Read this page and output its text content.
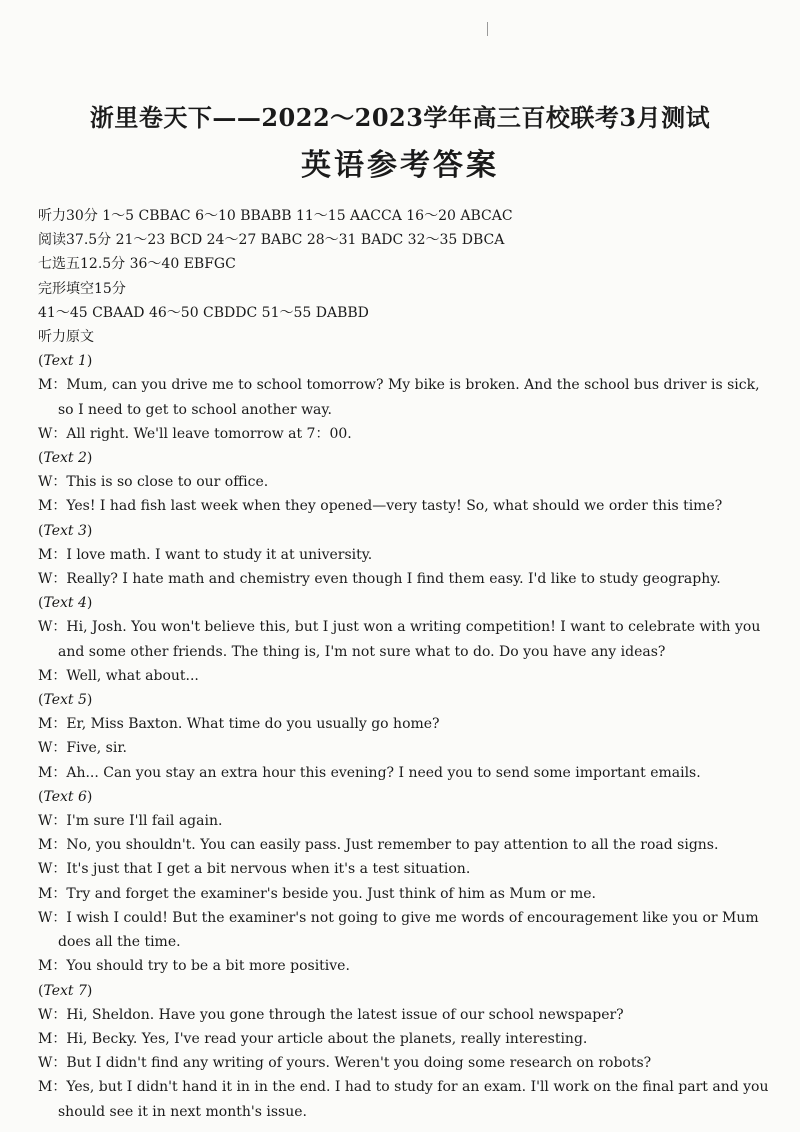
浙里卷天下——2022～2023学年高三百校联考3月测试
英语参考答案
听力30分 1～5 CBBAC 6～10 BBABB 11～15 AACCA 16～20 ABCAC
阅读37.5分 21～23 BCD 24～27 BABC 28～31 BADC 32～35 DBCA
七选五12.5分 36～40 EBFGC
完形填空15分
41～45 CBAAD 46～50 CBDDC 51～55 DABBD
听力原文
(Text 1)
M：Mum, can you drive me to school tomorrow? My bike is broken. And the school bus driver is sick, so I need to get to school another way.
W：All right. We'll leave tomorrow at 7：00.
(Text 2)
W：This is so close to our office.
M：Yes! I had fish last week when they opened—very tasty! So, what should we order this time?
(Text 3)
M：I love math. I want to study it at university.
W：Really? I hate math and chemistry even though I find them easy. I'd like to study geography.
(Text 4)
W：Hi, Josh. You won't believe this, but I just won a writing competition! I want to celebrate with you and some other friends. The thing is, I'm not sure what to do. Do you have any ideas?
M：Well, what about...
(Text 5)
M：Er, Miss Baxton. What time do you usually go home?
W：Five, sir.
M：Ah... Can you stay an extra hour this evening? I need you to send some important emails.
(Text 6)
W：I'm sure I'll fail again.
M：No, you shouldn't. You can easily pass. Just remember to pay attention to all the road signs.
W：It's just that I get a bit nervous when it's a test situation.
M：Try and forget the examiner's beside you. Just think of him as Mum or me.
W：I wish I could! But the examiner's not going to give me words of encouragement like you or Mum does all the time.
M：You should try to be a bit more positive.
(Text 7)
W：Hi, Sheldon. Have you gone through the latest issue of our school newspaper?
M：Hi, Becky. Yes, I've read your article about the planets, really interesting.
W：But I didn't find any writing of yours. Weren't you doing some research on robots?
M：Yes, but I didn't hand it in in the end. I had to study for an exam. I'll work on the final part and you should see it in next month's issue.
